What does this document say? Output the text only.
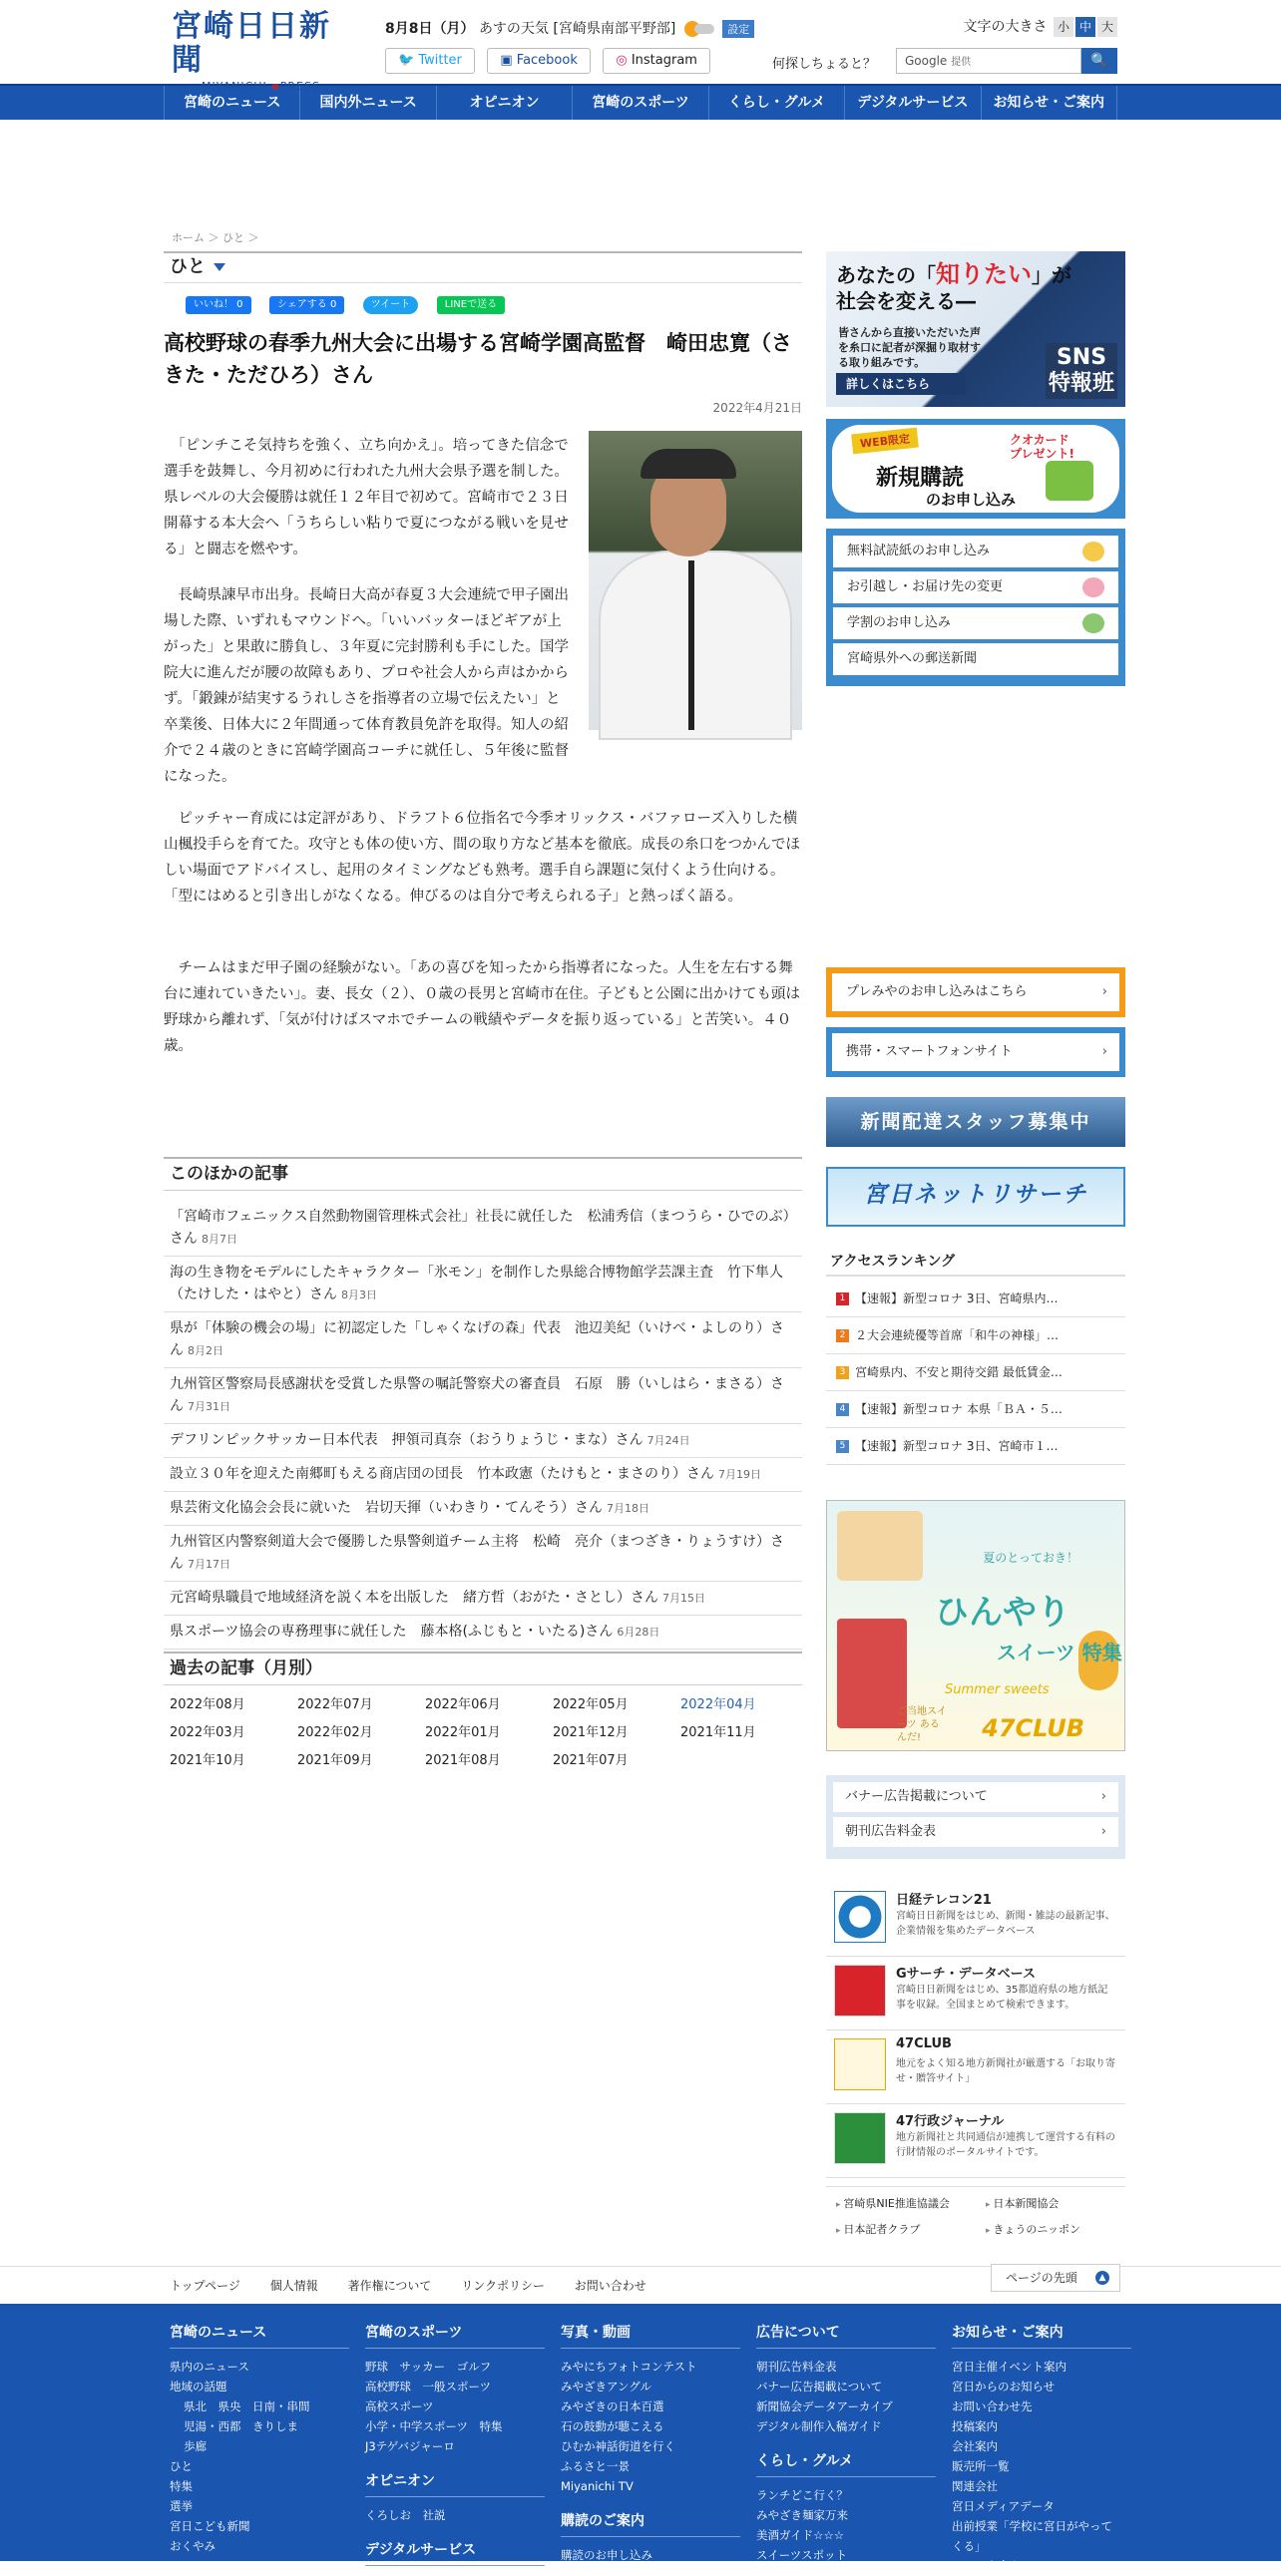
宮崎日日新聞
MIYANICHI ePRESS
8月8日（月） あすの天気 [宮崎県南部平野部]	設定	文字の大きさ 小 中 大
🐦 Twitter	▣ Facebook	◎ Instagram	何探しちょると？	Google 提供	🔍
宮崎のニュース	国内外ニュース	オピニオン	宮崎のスポーツ	くらし・グルメ	デジタルサービス	お知らせ・ご案内
ホーム ＞ ひと ＞
ひと
いいね！ 0	シェアする 0	ツイート	LINEで送る
高校野球の春季九州大会に出場する宮崎学園高監督　崎田忠寛（さきた・ただひろ）さん
2022年4月21日

　「ピンチこそ気持ちを強く、立ち向かえ」。培ってきた信念で選手を鼓舞し、今月初めに行われた九州大会県予選を制した。県レベルの大会優勝は就任１２年目で初めて。宮崎市で２３日開幕する本大会へ「うちらしい粘りで夏につながる戦いを見せる」と闘志を燃やす。

　長崎県諫早市出身。長崎日大高が春夏３大会連続で甲子園出場した際、いずれもマウンドへ。「いいバッターほどギアが上がった」と果敢に勝負し、３年夏に完封勝利も手にした。国学院大に進んだが腰の故障もあり、プロや社会人から声はかからず。「鍛錬が結実するうれしさを指導者の立場で伝えたい」と卒業後、日体大に２年間通って体育教員免許を取得。知人の紹介で２４歳のときに宮崎学園高コーチに就任し、５年後に監督になった。

　ピッチャー育成には定評があり、ドラフト６位指名で今季オリックス・バファローズ入りした横山楓投手らを育てた。攻守とも体の使い方、間の取り方など基本を徹底。成長の糸口をつかんでほしい場面でアドバイスし、起用のタイミングなども熟考。選手自ら課題に気付くよう仕向ける。「型にはめると引き出しがなくなる。伸びるのは自分で考えられる子」と熱っぽく語る。

　チームはまだ甲子園の経験がない。「あの喜びを知ったから指導者になった。人生を左右する舞台に連れていきたい」。妻、長女（２）、０歳の長男と宮崎市在住。子どもと公園に出かけても頭は野球から離れず、「気が付けばスマホでチームの戦績やデータを振り返っている」と苦笑い。４０歳。

このほかの記事
「宮崎市フェニックス自然動物園管理株式会社」社長に就任した　松浦秀信（まつうら・ひでのぶ）さん 8月7日
海の生き物をモデルにしたキャラクター「氷モン」を制作した県総合博物館学芸課主査　竹下隼人（たけした・はやと）さん 8月3日
県が「体験の機会の場」に初認定した「しゃくなげの森」代表　池辺美紀（いけべ・よしのり）さん 8月2日
九州管区警察局長感謝状を受賞した県警の嘱託警察犬の審査員　石原　勝（いしはら・まさる）さん 7月31日
デフリンピックサッカー日本代表　押領司真奈（おうりょうじ・まな）さん 7月24日
設立３０年を迎えた南郷町もえる商店団の団長　竹本政憲（たけもと・まさのり）さん 7月19日
県芸術文化協会会長に就いた　岩切天揮（いわきり・てんそう）さん 7月18日
九州管区内警察剣道大会で優勝した県警剣道チーム主将　松崎　亮介（まつざき・りょうすけ）さん 7月17日
元宮崎県職員で地域経済を説く本を出版した　緒方哲（おがた・さとし）さん 7月15日
県スポーツ協会の専務理事に就任した　藤本格(ふじもと・いたる)さん 6月28日
過去の記事（月別）
2022年08月	2022年07月	2022年06月	2022年05月	2022年04月
2022年03月	2022年02月	2022年01月	2021年12月	2021年11月
2021年10月	2021年09月	2021年08月	2021年07月
あなたの「知りたい」が
社会を変える―
皆さんから直接いただいた声を糸口に記者が深掘り取材する取り組みです。
詳しくはこちら
SNS特報班
WEB限定
新規購読
のお申し込み
クオカードプレゼント!
無料試読紙のお申し込み
お引越し・お届け先の変更
学割のお申し込み
宮崎県外への郵送新聞
プレみやのお申し込みはこちら	›
携帯・スマートフォンサイト	›
新聞配達スタッフ募集中
宮日ネットリサーチ
アクセスランキング
1 【速報】新型コロナ 3日、宮崎県内…
2 ２大会連続優等首席「和牛の神様」…
3 宮崎県内、不安と期待交錯 最低賃金…
4 【速報】新型コロナ 本県「ＢＡ・５…
5 【速報】新型コロナ 3日、宮崎市１…
夏のとっておき！
ひんやり
スイーツ 特集
Summer sweets
ご当地スイーツ あるんだ!	47CLUB
バナー広告掲載について	›
朝刊広告料金表	›
日経テレコン21
宮崎日日新聞をはじめ、新聞・雑誌の最新記事、企業情報を集めたデータベース
Gサーチ・データベース
宮崎日日新聞をはじめ、35都道府県の地方紙記事を収録。全国まとめて検索できます。
47CLUB
地元をよく知る地方新聞社が厳選する「お取り寄せ・贈答サイト」
47行政ジャーナル
地方新聞社と共同通信が連携して運営する有料の行財情報のポータルサイトです。
▸ 宮崎県NIE推進協議会	▸ 日本新聞協会
▸ 日本記者クラブ	▸ きょうのニッポン
トップページ 個人情報 著作権について リンクポリシー お問い合わせ
ページの先頭	▲
宮崎のニュース
県内のニュース
地域の話題
県北　県央　日南・串間
児湯・西都　きりしま
歩廊
ひと
特集
選挙
宮日こども新聞
おくやみ
宮崎のスポーツ
野球　サッカー　ゴルフ
高校野球　一般スポーツ
高校スポーツ
小学・中学スポーツ　特集
J3テゲバジャーロ
オピニオン
くろしお　社説
デジタルサービス
写真・動画
みやにちフォトコンテスト
みやざきアングル
みやざきの日本百選
石の鼓動が聴こえる
ひむか神話街道を行く
ふるさと一景
Miyanichi TV
購読のご案内
購読のお申し込み
広告について
朝刊広告料金表
バナー広告掲載について
新聞協会データアーカイブ
デジタル制作入稿ガイド
くらし・グルメ
ランチどこ行く？
みやざき麺家万来
美酒ガイド☆☆☆
スイーツスポット
お知らせ・ご案内
宮日主催イベント案内
宮日からのお知らせ
お問い合わせ先
投稿案内
会社案内
販売所一覧
関連会社
宮日メディアデータ
出前授業「学校に宮日がやってくる」
こども安全ネットワーク
